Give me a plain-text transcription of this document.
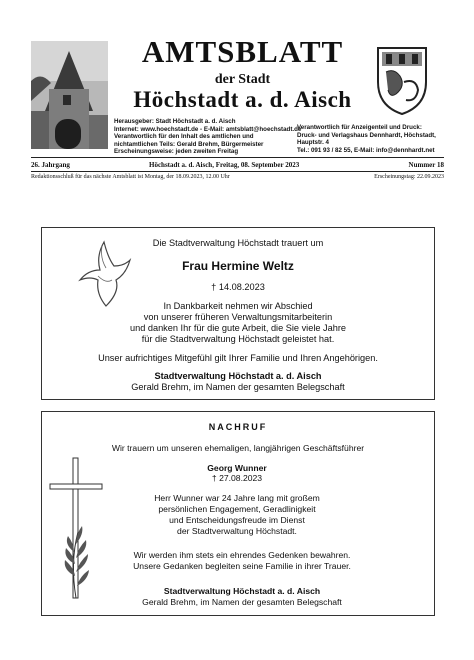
AMTSBLATT
der Stadt
Höchstadt a. d. Aisch
Herausgeber: Stadt Höchstadt a. d. Aisch
Internet: www.hoechstadt.de - E-Mail: amtsblatt@hoechstadt.de
Verantwortlich für den Inhalt des amtlichen und
nichtamtlichen Teils: Gerald Brehm, Bürgermeister
Erscheinungsweise: jeden zweiten Freitag
Verantwortlich für Anzeigenteil und Druck:
Druck- und Verlagshaus Dennhardt, Höchstadt,
Hauptstr. 4
Tel.: 091 93 / 82 55, E-Mail: info@dennhardt.net
26. Jahrgang	Höchstadt a. d. Aisch, Freitag, 08. September 2023	Nummer 18
Redaktionsschluß für das nächste Amtsblatt ist Montag, der 18.09.2023, 12.00 Uhr	Erscheinungstag: 22.09.2023
Die Stadtverwaltung Höchstadt trauert um
Frau Hermine Weltz
† 14.08.2023
In Dankbarkeit nehmen wir Abschied
von unserer früheren Verwaltungsmitarbeiterin
und danken Ihr für die gute Arbeit, die Sie viele Jahre
für die Stadtverwaltung Höchstadt geleistet hat.
Unser aufrichtiges Mitgefühl gilt Ihrer Familie und Ihren Angehörigen.
Stadtverwaltung Höchstadt a. d. Aisch
Gerald Brehm, im Namen der gesamten Belegschaft
NACHRUF
Wir trauern um unseren ehemaligen, langjährigen Geschäftsführer
Georg Wunner
† 27.08.2023
Herr Wunner war 24 Jahre lang mit großem
persönlichen Engagement, Geradlinigkeit
und Entscheidungsfreude im Dienst
der Stadtverwaltung Höchstadt.
Wir werden ihm stets ein ehrendes Gedenken bewahren.
Unsere Gedanken begleiten seine Familie in ihrer Trauer.
Stadtverwaltung Höchstadt a. d. Aisch
Gerald Brehm, im Namen der gesamten Belegschaft
